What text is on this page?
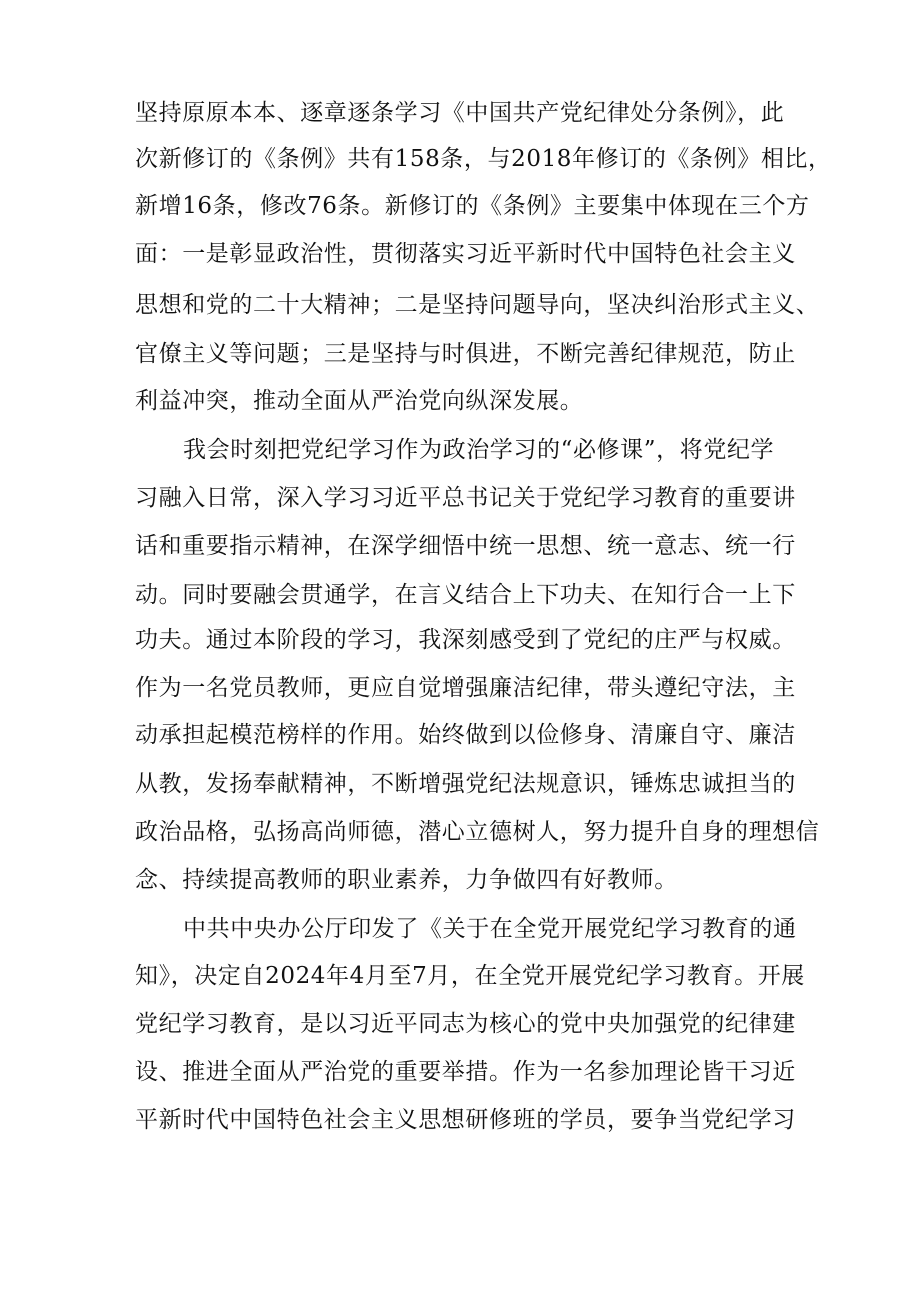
坚持原原本本、逐章逐条学习《中国共产党纪律处分条例》，此
次新修订的《条例》共有158条，与2018年修订的《条例》相比，
新增16条，修改76条。新修订的《条例》主要集中体现在三个方
面：一是彰显政治性，贯彻落实习近平新时代中国特色社会主义
思想和党的二十大精神；二是坚持问题导向，坚决纠治形式主义、
官僚主义等问题；三是坚持与时俱进，不断完善纪律规范，防止
利益冲突，推动全面从严治党向纵深发展。
我会时刻把党纪学习作为政治学习的“必修课”，将党纪学
习融入日常，深入学习习近平总书记关于党纪学习教育的重要讲
话和重要指示精神，在深学细悟中统一思想、统一意志、统一行
动。同时要融会贯通学，在言义结合上下功夫、在知行合一上下
功夫。通过本阶段的学习，我深刻感受到了党纪的庄严与权威。
作为一名党员教师，更应自觉增强廉洁纪律，带头遵纪守法，主
动承担起模范榜样的作用。始终做到以俭修身、清廉自守、廉洁
从教，发扬奉献精神，不断增强党纪法规意识，锤炼忠诚担当的
政治品格，弘扬高尚师德，潜心立德树人，努力提升自身的理想信
念、持续提高教师的职业素养，力争做四有好教师。
中共中央办公厅印发了《关于在全党开展党纪学习教育的通
知》，决定自2024年4月至7月，在全党开展党纪学习教育。开展
党纪学习教育，是以习近平同志为核心的党中央加强党的纪律建
设、推进全面从严治党的重要举措。作为一名参加理论皆干习近
平新时代中国特色社会主义思想研修班的学员，要争当党纪学习
